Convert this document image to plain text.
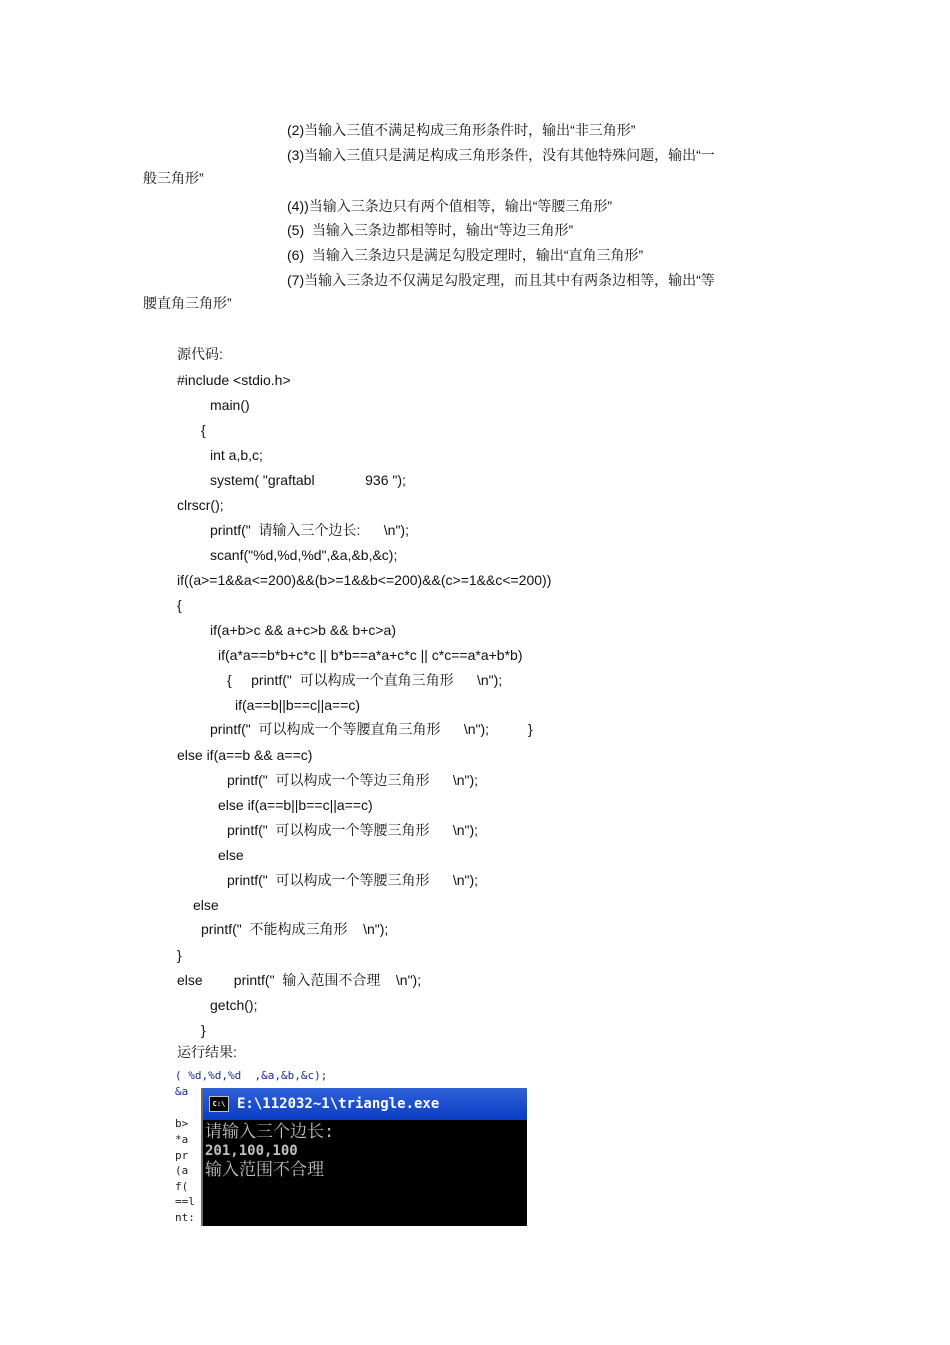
(2)当输入三值不满足构成三角形条件时，输出“非三角形”
(3)当输入三值只是满足构成三角形条件，没有其他特殊问题，输出“一
般三角形”
(4))当输入三条边只有两个值相等，输出“等腰三角形”
(5)  当输入三条边都相等时，输出“等边三角形”
(6)  当输入三条边只是满足勾股定理时，输出“直角三角形”
(7)当输入三条边不仅满足勾股定理，而且其中有两条边相等，输出“等
腰直角三角形”
源代码:
#include <stdio.h>
main()
{
int a,b,c;
system( "graftabl             936 ");
clrscr();
printf("  请输入三个边长:      \n");
scanf("%d,%d,%d",&a,&b,&c);
if((a>=1&&a<=200)&&(b>=1&&b<=200)&&(c>=1&&c<=200))
{
if(a+b>c && a+c>b && b+c>a)
if(a*a==b*b+c*c || b*b==a*a+c*c || c*c==a*a+b*b)
{     printf("  可以构成一个直角三角形      \n");
if(a==b||b==c||a==c)
printf("  可以构成一个等腰直角三角形      \n");          }
else if(a==b && a==c)
printf("  可以构成一个等边三角形      \n");
else if(a==b||b==c||a==c)
printf("  可以构成一个等腰三角形      \n");
else
printf("  可以构成一个等腰三角形      \n");
else
printf("  不能构成三角形    \n");
}
else        printf("  输入范围不合理    \n");
getch();
}
运行结果:
( %d,%d,%d  ,&a,&b,&c);
&a
b>
*a
pr
(a
f(
==l
nt:
C:\ E:\112032~1\triangle.exe
请输入三个边长:
201,100,100
输入范围不合理
